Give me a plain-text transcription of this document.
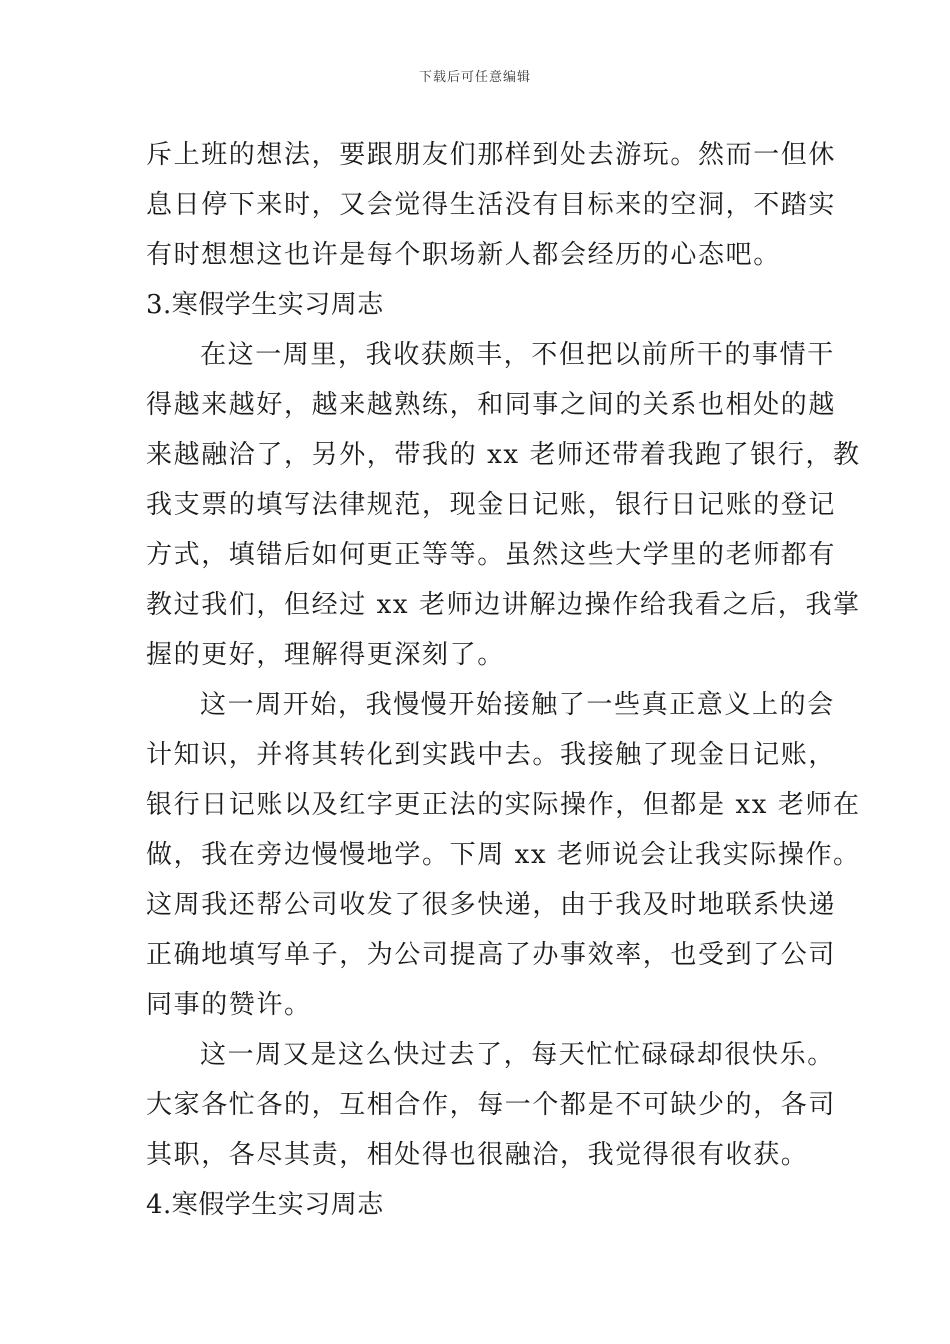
下载后可任意编辑
斥上班的想法，要跟朋友们那样到处去游玩。然而一但休
息日停下来时，又会觉得生活没有目标来的空洞，不踏实
有时想想这也许是每个职场新人都会经历的心态吧。
3.寒假学生实习周志
在这一周里，我收获颇丰，不但把以前所干的事情干
得越来越好，越来越熟练，和同事之间的关系也相处的越
来越融洽了，另外，带我的 xx 老师还带着我跑了银行，教
我支票的填写法律规范，现金日记账，银行日记账的登记
方式，填错后如何更正等等。虽然这些大学里的老师都有
教过我们，但经过 xx 老师边讲解边操作给我看之后，我掌
握的更好，理解得更深刻了。
这一周开始，我慢慢开始接触了一些真正意义上的会
计知识，并将其转化到实践中去。我接触了现金日记账，
银行日记账以及红字更正法的实际操作，但都是 xx 老师在
做，我在旁边慢慢地学。下周 xx 老师说会让我实际操作。
这周我还帮公司收发了很多快递，由于我及时地联系快递
正确地填写单子，为公司提高了办事效率，也受到了公司
同事的赞许。
这一周又是这么快过去了，每天忙忙碌碌却很快乐。
大家各忙各的，互相合作，每一个都是不可缺少的，各司
其职，各尽其责，相处得也很融洽，我觉得很有收获。
4.寒假学生实习周志
